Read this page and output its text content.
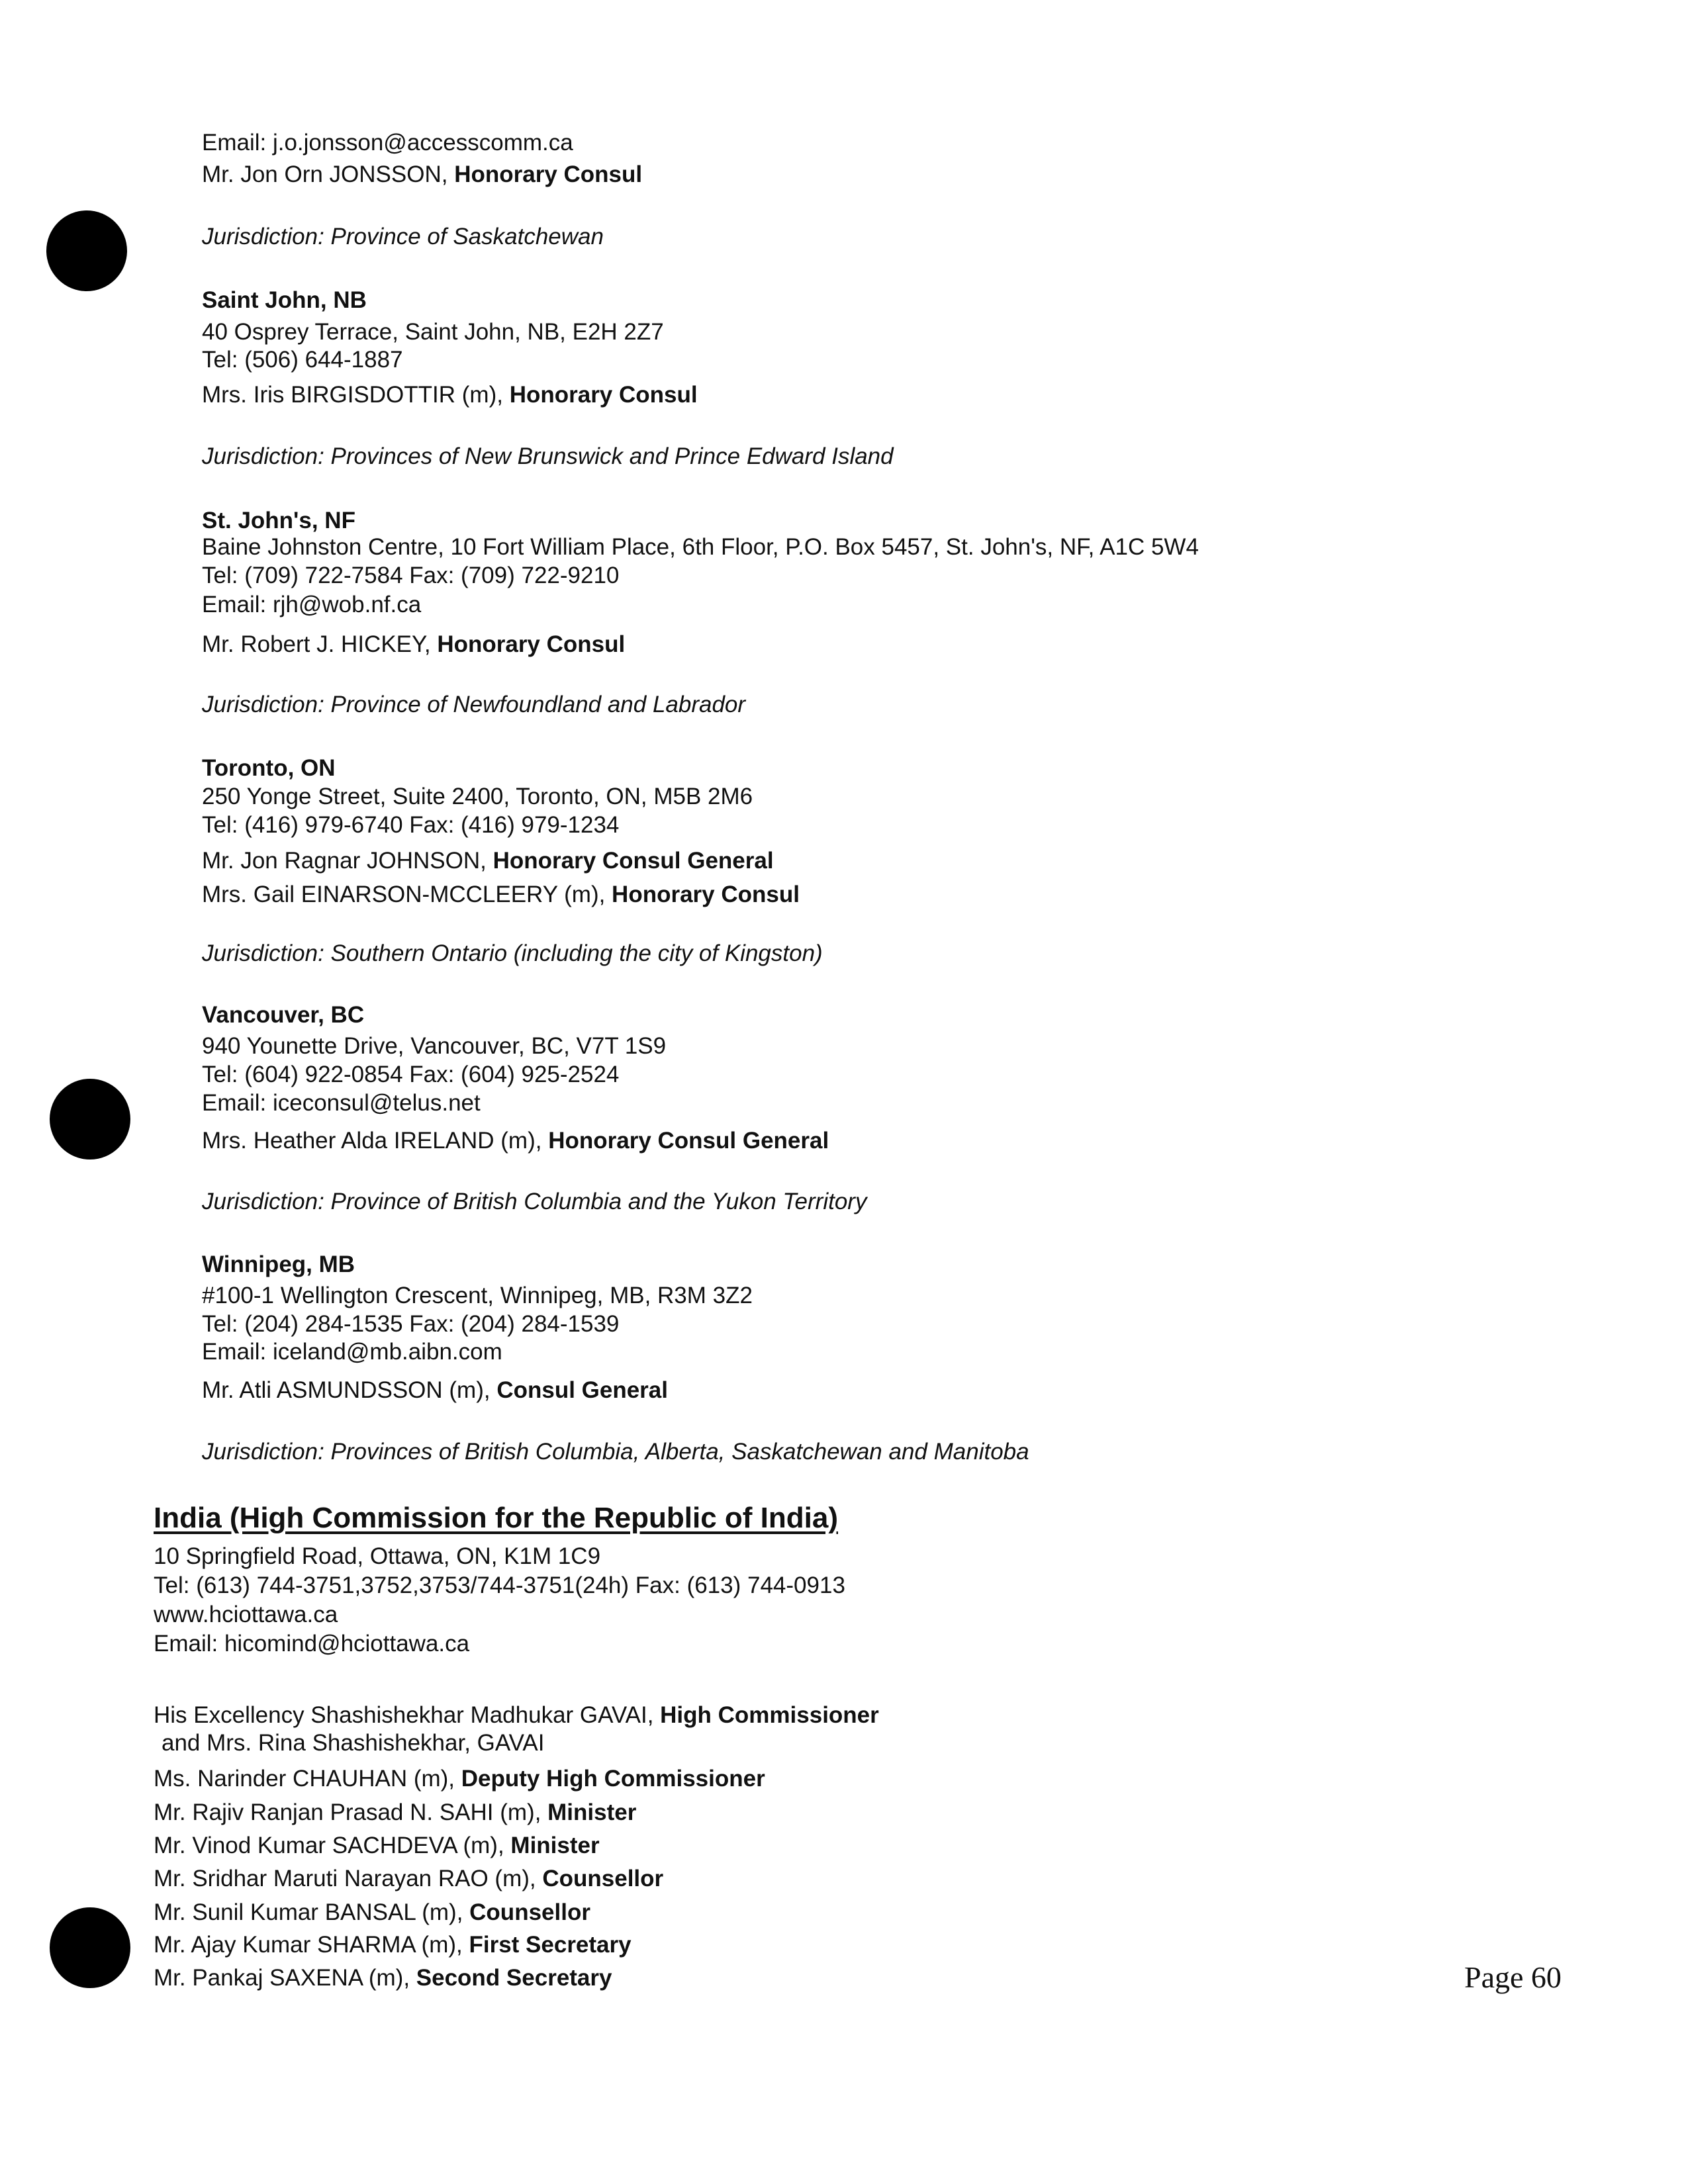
Email: j.o.jonsson@accesscomm.ca
Mr. Jon Orn JONSSON, Honorary Consul
Jurisdiction: Province of Saskatchewan
Saint John, NB
40 Osprey Terrace, Saint John, NB, E2H 2Z7
Tel: (506) 644-1887
Mrs. Iris BIRGISDOTTIR (m), Honorary Consul
Jurisdiction: Provinces of New Brunswick and Prince Edward Island
St. John's, NF
Baine Johnston Centre, 10 Fort William Place, 6th Floor, P.O. Box 5457, St. John's, NF, A1C 5W4
Tel: (709) 722-7584 Fax: (709) 722-9210
Email: rjh@wob.nf.ca
Mr. Robert J. HICKEY, Honorary Consul
Jurisdiction: Province of Newfoundland and Labrador
Toronto, ON
250 Yonge Street, Suite 2400, Toronto, ON, M5B 2M6
Tel: (416) 979-6740 Fax: (416) 979-1234
Mr. Jon Ragnar JOHNSON, Honorary Consul General
Mrs. Gail EINARSON-MCCLEERY (m), Honorary Consul
Jurisdiction: Southern Ontario (including the city of Kingston)
Vancouver, BC
940 Younette Drive, Vancouver, BC, V7T 1S9
Tel: (604) 922-0854 Fax: (604) 925-2524
Email: iceconsul@telus.net
Mrs. Heather Alda IRELAND (m), Honorary Consul General
Jurisdiction: Province of British Columbia and the Yukon Territory
Winnipeg, MB
#100-1 Wellington Crescent, Winnipeg, MB, R3M 3Z2
Tel: (204) 284-1535 Fax: (204) 284-1539
Email: iceland@mb.aibn.com
Mr. Atli ASMUNDSSON (m), Consul General
Jurisdiction: Provinces of British Columbia, Alberta, Saskatchewan and Manitoba
India (High Commission for the Republic of India)
10 Springfield Road, Ottawa, ON, K1M 1C9
Tel: (613) 744-3751,3752,3753/744-3751(24h) Fax: (613) 744-0913
www.hciottawa.ca
Email: hicomind@hciottawa.ca
His Excellency Shashishekhar Madhukar GAVAI, High Commissioner
and Mrs. Rina Shashishekhar, GAVAI
Ms. Narinder CHAUHAN (m), Deputy High Commissioner
Mr. Rajiv Ranjan Prasad N. SAHI (m), Minister
Mr. Vinod Kumar SACHDEVA (m), Minister
Mr. Sridhar Maruti Narayan RAO (m), Counsellor
Mr. Sunil Kumar BANSAL (m), Counsellor
Mr. Ajay Kumar SHARMA (m), First Secretary
Mr. Pankaj SAXENA (m), Second Secretary	Page 60
